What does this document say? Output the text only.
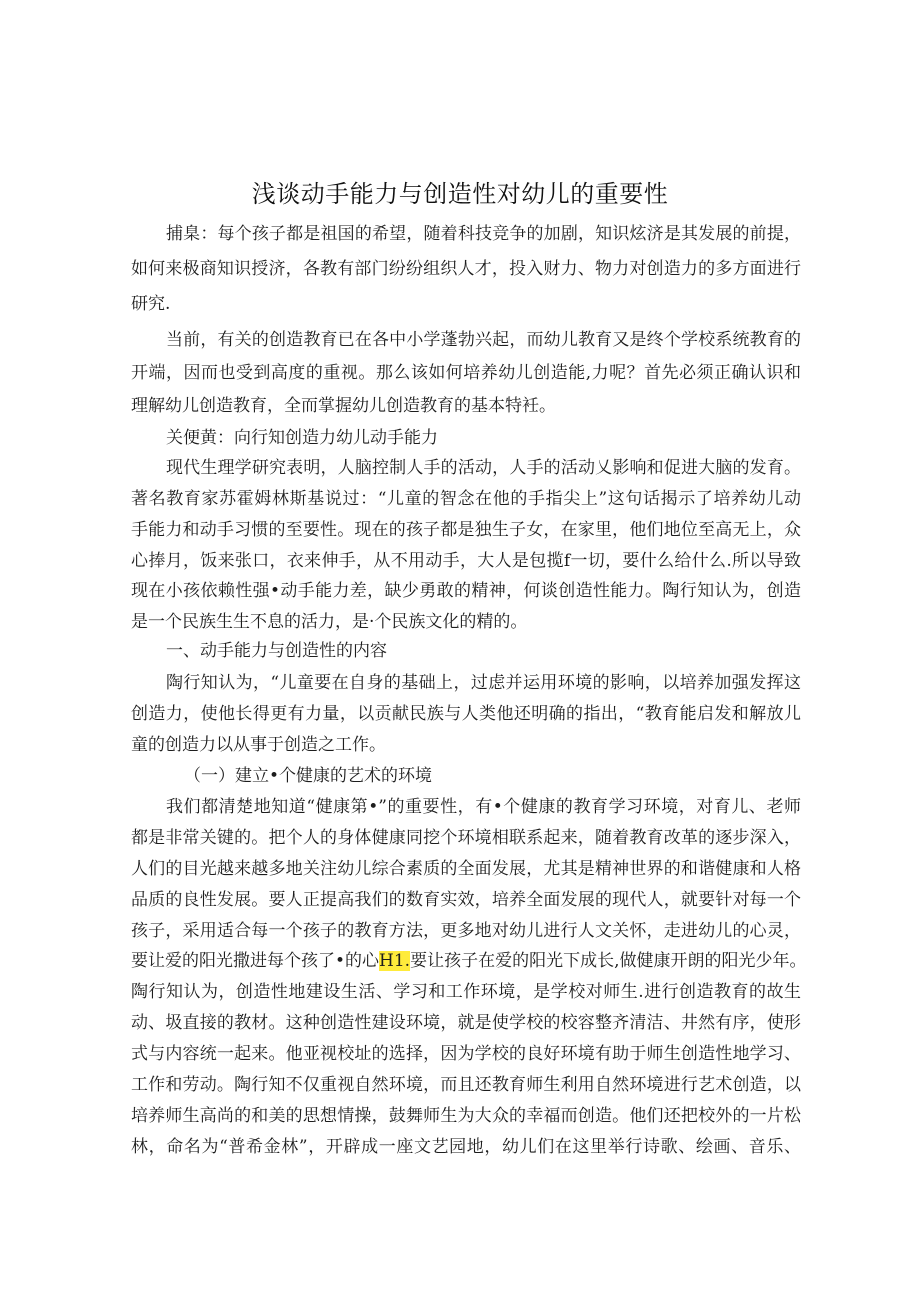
浅谈动手能力与创造性对幼儿的重要性
捕臬：每个孩子都是祖国的希望，随着科技竞争的加剧，知识炫济是其发展的前提，
如何来极商知识授济，各教有部门纷纷组织人才，投入财力、物力对创造力的多方面进行
研究.
当前，有关的创造教育已在各中小学蓬勃兴起，而幼儿教育又是终个学校系统教育的
开端，因而也受到高度的重视。那么该如何培养幼儿创造能,力呢？首先必须正确认识和
理解幼儿创造教育，全而掌握幼儿创造教育的基本特衽。
关便黄：向行知创造力幼儿动手能力
现代生理学研究表明，人脑控制人手的活动，人手的活动乂影响和促进大脑的发育。
著名教育家苏霍姆林斯基说过：“儿童的智念在他的手指尖上”这句话揭示了培养幼儿动
手能力和动手习惯的至要性。现在的孩子都是独生子女，在家里，他们地位至高无上，众
心捧月，饭来张口，衣来伸手，从不用动手，大人是包揽f一切，要什么给什么.所以导致
现在小孩依赖性强•动手能力差，缺少勇敢的精神，何谈创造性能力。陶行知认为，创造
是一个民族生生不息的活力，是·个民族文化的精的。
一、动手能力与创造性的内容
陶行知认为，“儿童要在自身的基础上，过虑并运用环境的影响，以培养加强发挥这
创造力，使他长得更有力量，以贡献民族与人类他还明确的指出，“教育能启发和解放儿
童的创造力以从事于创造之工作。
（一）建立•个健康的艺术的环境
我们都清楚地知道“健康第•”的重要性，有•个健康的教育学习环境，对育儿、老师
都是非常关键的。把个人的身体健康同挖个环境相联系起来，随着教育改革的逐步深入，
人们的目光越来越多地关注幼儿综合素质的全面发展，尤其是精神世界的和谐健康和人格
品质的良性发展。要人正提高我们的数育实效，培养全面发展的现代人，就要针对每一个
孩子，采用适合每一个孩子的教育方法，更多地对幼儿进行人文关怀，走进幼儿的心灵，
要让爱的阳光撒进每个孩了•的心H1.要让孩子在爱的阳光下成长,做健康开朗的阳光少年。
陶行知认为，创造性地建设生活、学习和工作环境，是学校对师生.进行创造教育的故生
动、圾直接的教材。这种创造性建设环境，就是使学校的校容整齐清洁、井然有序，使形
式与内容统一起来。他亚视校址的选择，因为学校的良好环境有助于师生创造性地学习、
工作和劳动。陶行知不仅重视自然环境，而且还教育师生利用自然环境进行艺术创造，以
培养师生高尚的和美的思想情操，鼓舞师生为大众的幸福而创造。他们还把校外的一片松
林，命名为“普希金林”，开辟成一座文艺园地，幼儿们在这里举行诗歌、绘画、音乐、
